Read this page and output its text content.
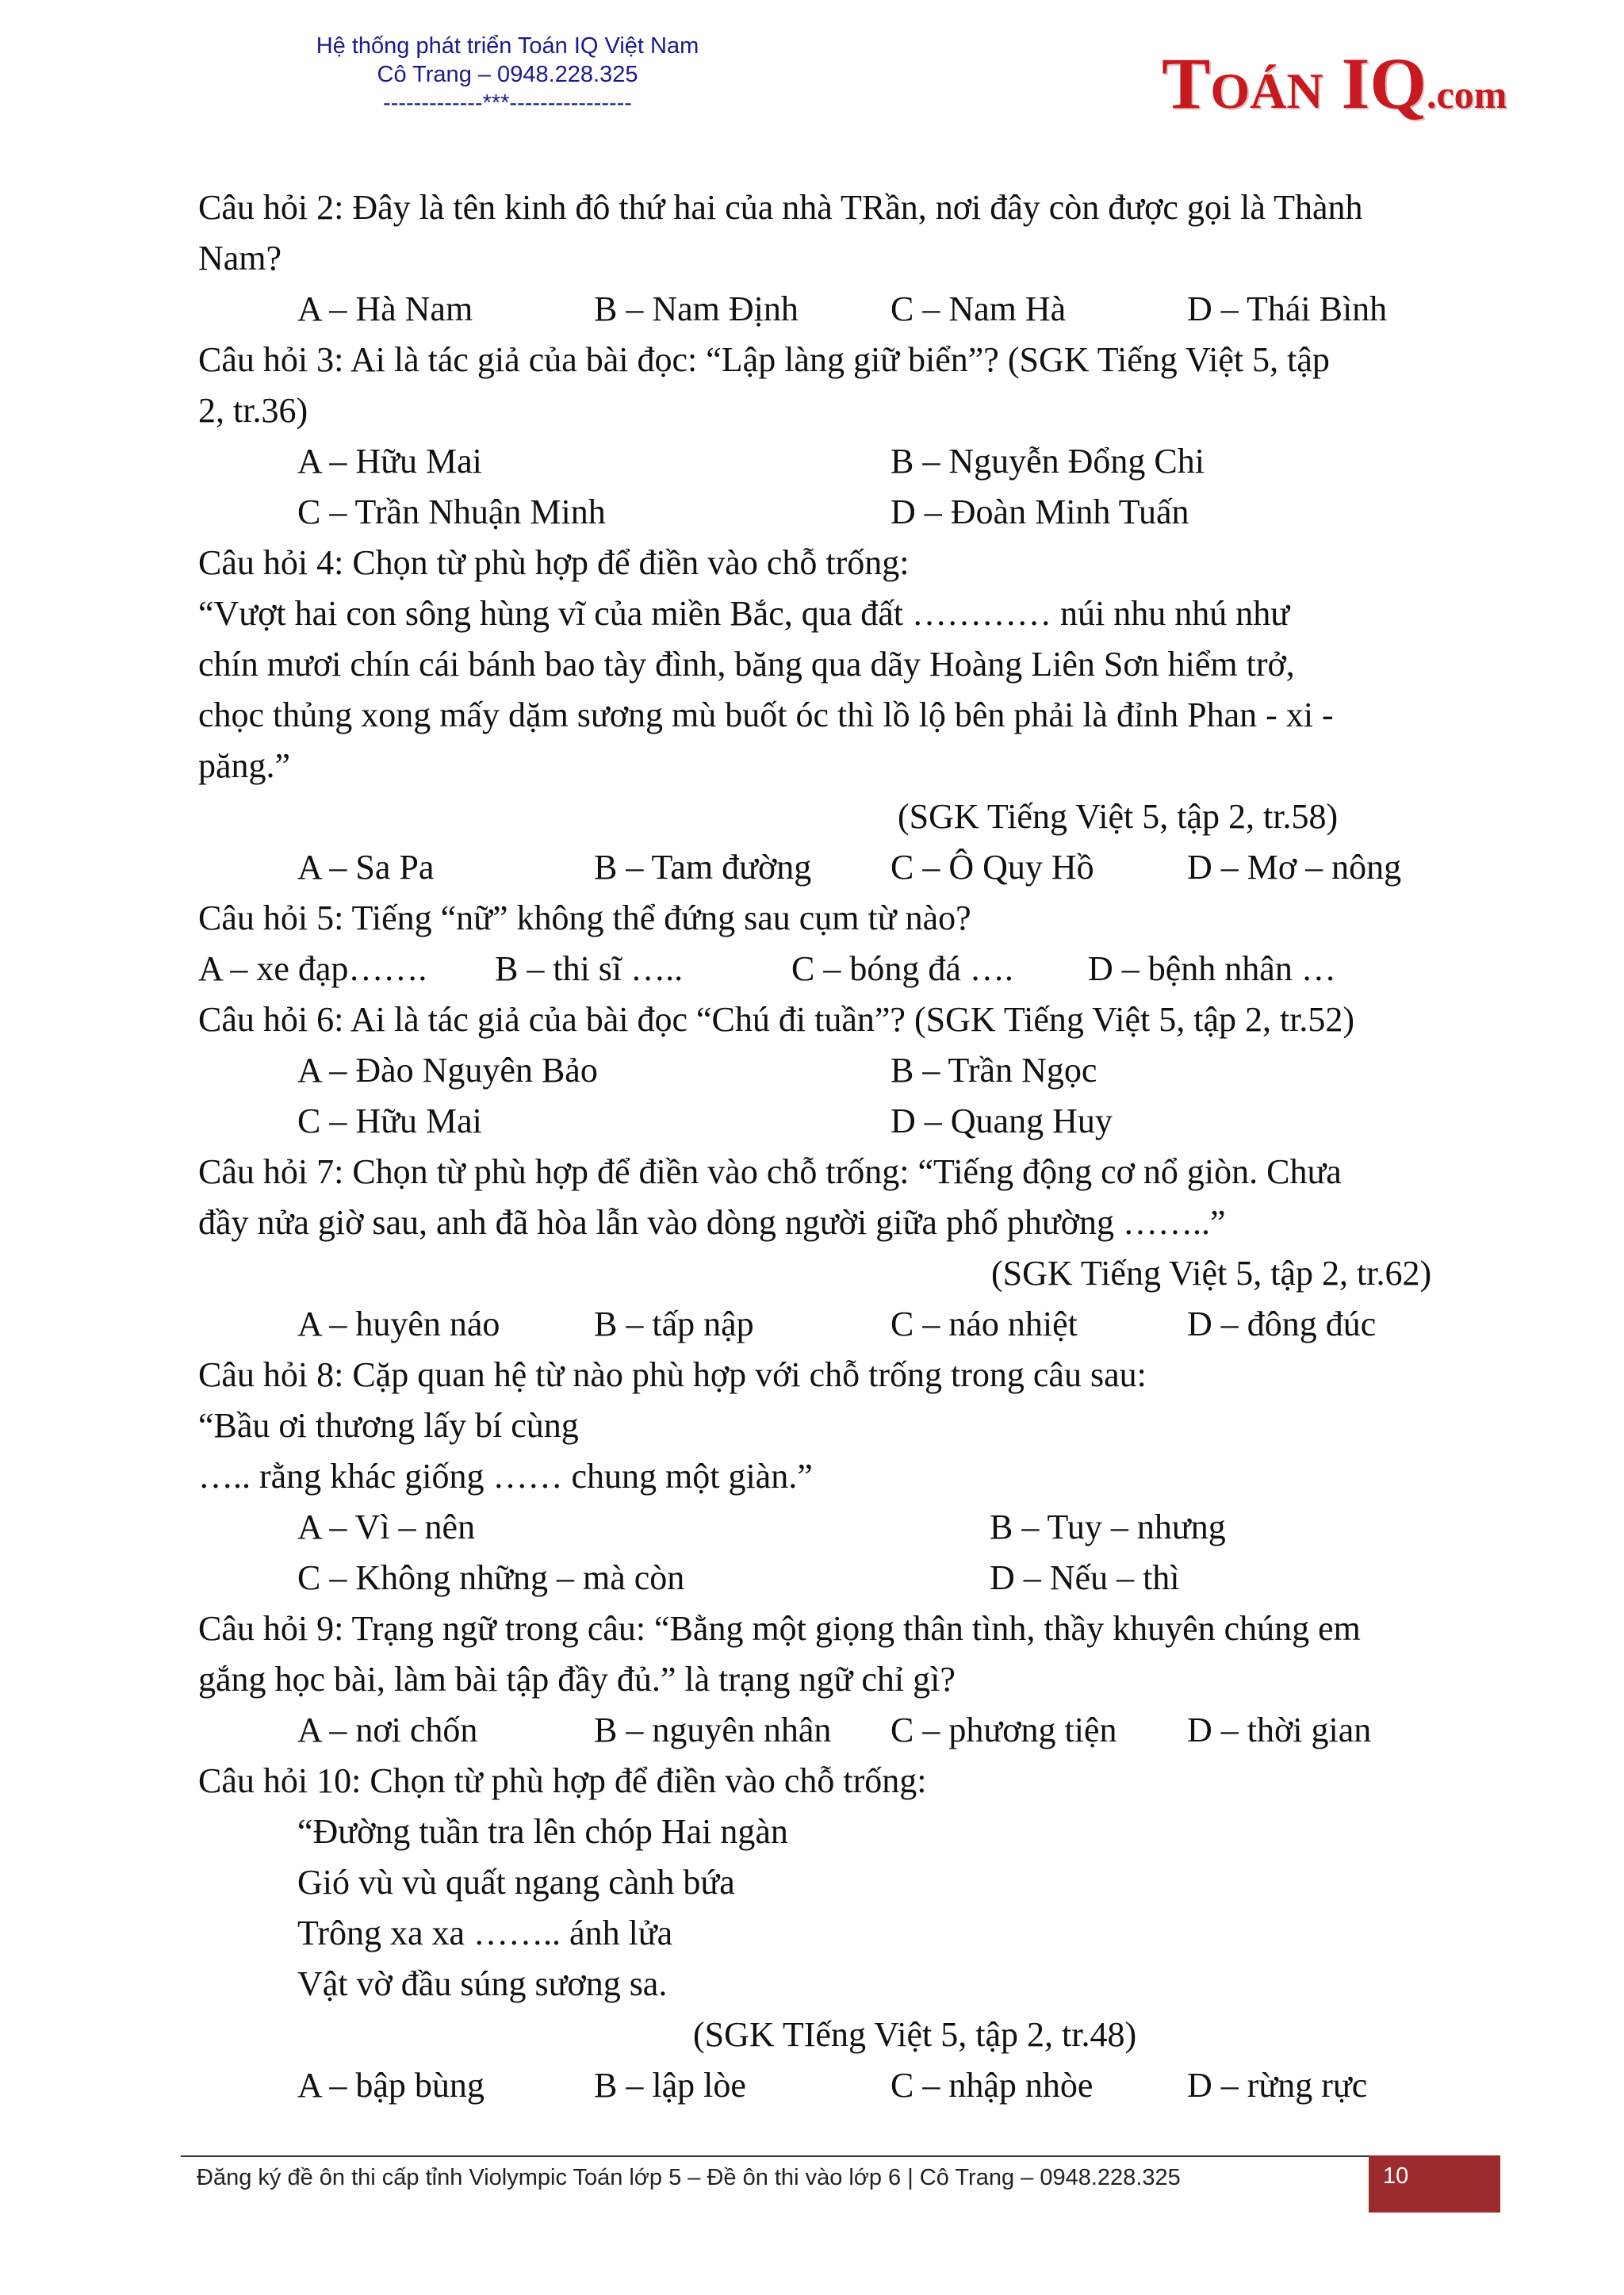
Hệ thống phát triển Toán IQ Việt Nam
Cô Trang – 0948.228.325
-------------***----------------	TOÁN IQ.com
Câu hỏi 2: Đây là tên kinh đô thứ hai của nhà TRần, nơi đây còn được gọi là Thành
Nam?
A – Hà Nam	B – Nam Định	C – Nam Hà	D – Thái Bình
Câu hỏi 3: Ai là tác giả của bài đọc: “Lập làng giữ biển”? (SGK Tiếng Việt 5, tập
2, tr.36)
A – Hữu Mai	B – Nguyễn Đổng Chi
C – Trần Nhuận Minh	D – Đoàn Minh Tuấn
Câu hỏi 4: Chọn từ phù hợp để điền vào chỗ trống:
“Vượt hai con sông hùng vĩ của miền Bắc, qua đất ………… núi nhu nhú như
chín mươi chín cái bánh bao tày đình, băng qua dãy Hoàng Liên Sơn hiểm trở,
chọc thủng xong mấy dặm sương mù buốt óc thì lồ lộ bên phải là đỉnh Phan - xi -
păng.”
(SGK Tiếng Việt 5, tập 2, tr.58)
A – Sa Pa	B – Tam đường C – Ô Quy Hồ	D – Mơ – nông
Câu hỏi 5: Tiếng “nữ” không thể đứng sau cụm từ nào?
A – xe đạp……. B – thi sĩ …..	C – bóng đá …. D – bệnh nhân …
Câu hỏi 6: Ai là tác giả của bài đọc “Chú đi tuần”? (SGK Tiếng Việt 5, tập 2, tr.52)
A – Đào Nguyên Bảo	B – Trần Ngọc
C – Hữu Mai	D – Quang Huy
Câu hỏi 7: Chọn từ phù hợp để điền vào chỗ trống: “Tiếng động cơ nổ giòn. Chưa
đầy nửa giờ sau, anh đã hòa lẫn vào dòng người giữa phố phường ……..”
(SGK Tiếng Việt 5, tập 2, tr.62)
A – huyên náo	B – tấp nập	C – náo nhiệt	D – đông đúc
Câu hỏi 8: Cặp quan hệ từ nào phù hợp với chỗ trống trong câu sau:
“Bầu ơi thương lấy bí cùng
….. rằng khác giống …… chung một giàn.”
A – Vì – nên	B – Tuy – nhưng
C – Không những – mà còn	D – Nếu – thì
Câu hỏi 9: Trạng ngữ trong câu: “Bằng một giọng thân tình, thầy khuyên chúng em
gắng học bài, làm bài tập đầy đủ.” là trạng ngữ chỉ gì?
A – nơi chốn	B – nguyên nhân C – phương tiện D – thời gian
Câu hỏi 10: Chọn từ phù hợp để điền vào chỗ trống:
“Đường tuần tra lên chóp Hai ngàn
Gió vù vù quất ngang cành bứa
Trông xa xa …….. ánh lửa
Vật vờ đầu súng sương sa.
(SGK TIếng Việt 5, tập 2, tr.48)
A – bập bùng	B – lập lòe	C – nhập nhòe	D – rừng rực
Đăng ký đề ôn thi cấp tỉnh Violympic Toán lớp 5 – Đề ôn thi vào lớp 6 | Cô Trang – 0948.228.325	10
